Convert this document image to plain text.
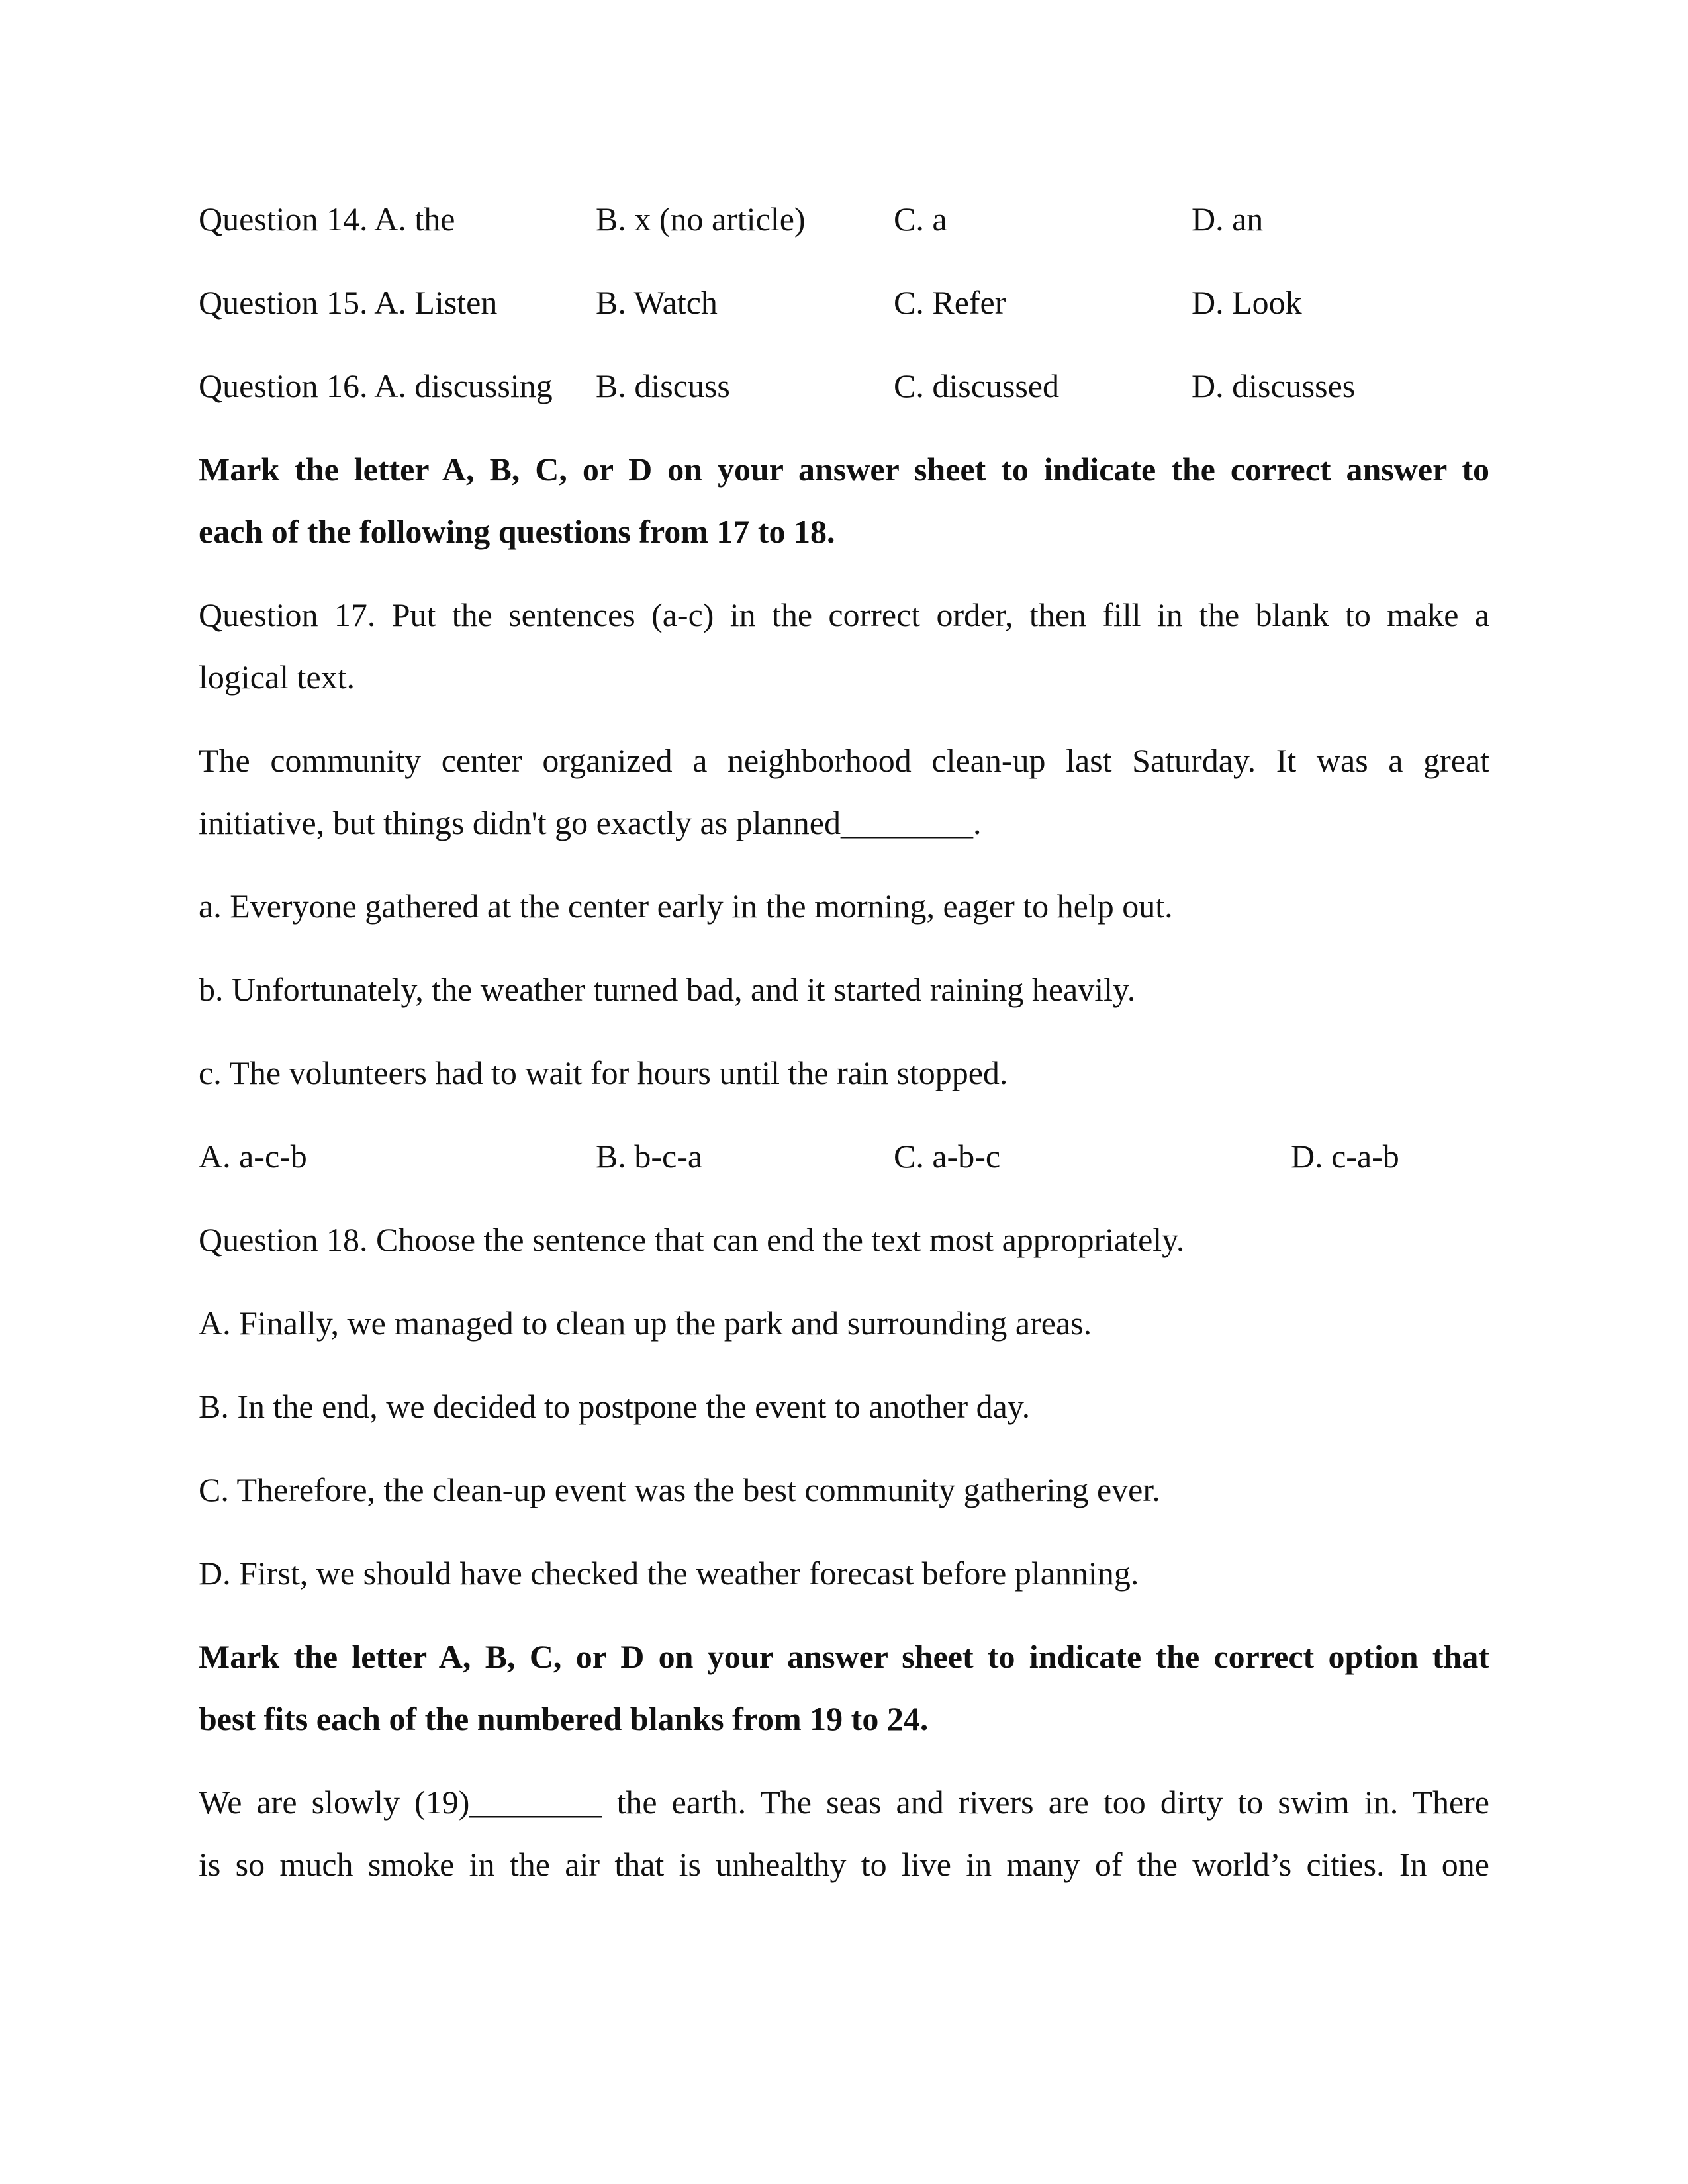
Question 14. A. the	B. x (no article)	C. a	D. an
Question 15. A. Listen	B. Watch	C. Refer	D. Look
Question 16. A. discussing B. discuss	C. discussed	D. discusses
Mark the letter A, B, C, or D on your answer sheet to indicate the correct answer to
each of the following questions from 17 to 18.
Question 17. Put the sentences (a-c) in the correct order, then fill in the blank to make a
logical text.
The community center organized a neighborhood clean-up last Saturday. It was a great
initiative, but things didn't go exactly as planned________.
a. Everyone gathered at the center early in the morning, eager to help out.
b. Unfortunately, the weather turned bad, and it started raining heavily.
c. The volunteers had to wait for hours until the rain stopped.
A. a-c-b	B. b-c-a	C. a-b-c	D. c-a-b
Question 18. Choose the sentence that can end the text most appropriately.
A. Finally, we managed to clean up the park and surrounding areas.
B. In the end, we decided to postpone the event to another day.
C. Therefore, the clean-up event was the best community gathering ever.
D. First, we should have checked the weather forecast before planning.
Mark the letter A, B, C, or D on your answer sheet to indicate the correct option that
best fits each of the numbered blanks from 19 to 24.
We are slowly (19)________ the earth. The seas and rivers are too dirty to swim in. There
is so much smoke in the air that is unhealthy to live in many of the world’s cities. In one
